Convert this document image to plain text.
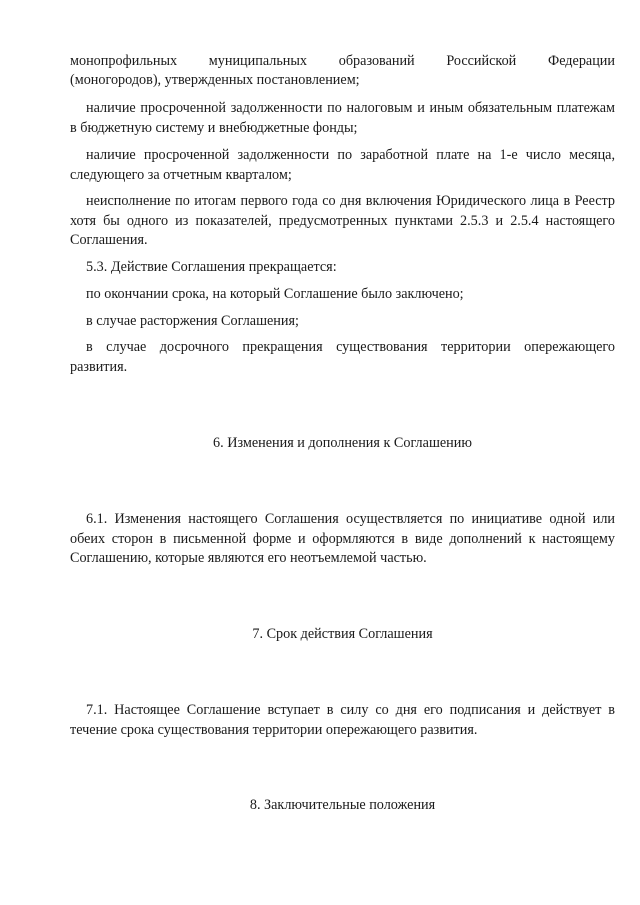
монопрофильных муниципальных образований Российской Федерации

(моногородов), утвержденных постановлением;

наличие просроченной задолженности по налоговым и иным обязательным платежам в бюджетную систему и внебюджетные фонды;

наличие просроченной задолженности по заработной плате на 1-е число месяца, следующего за отчетным кварталом;

неисполнение по итогам первого года со дня включения Юридического лица в Реестр хотя бы одного из показателей, предусмотренных пунктами 2.5.3 и 2.5.4 настоящего Соглашения.

5.3. Действие Соглашения прекращается:

по окончании срока, на который Соглашение было заключено;

в случае расторжения Соглашения;

в случае досрочного прекращения существования территории опережающего развития.

6. Изменения и дополнения к Соглашению

6.1. Изменения настоящего Соглашения осуществляется по инициативе одной или обеих сторон в письменной форме и оформляются в виде дополнений к настоящему Соглашению, которые являются его неотъемлемой частью.

7. Срок действия Соглашения

7.1. Настоящее Соглашение вступает в силу со дня его подписания и действует в течение срока существования территории опережающего развития.

8. Заключительные положения
